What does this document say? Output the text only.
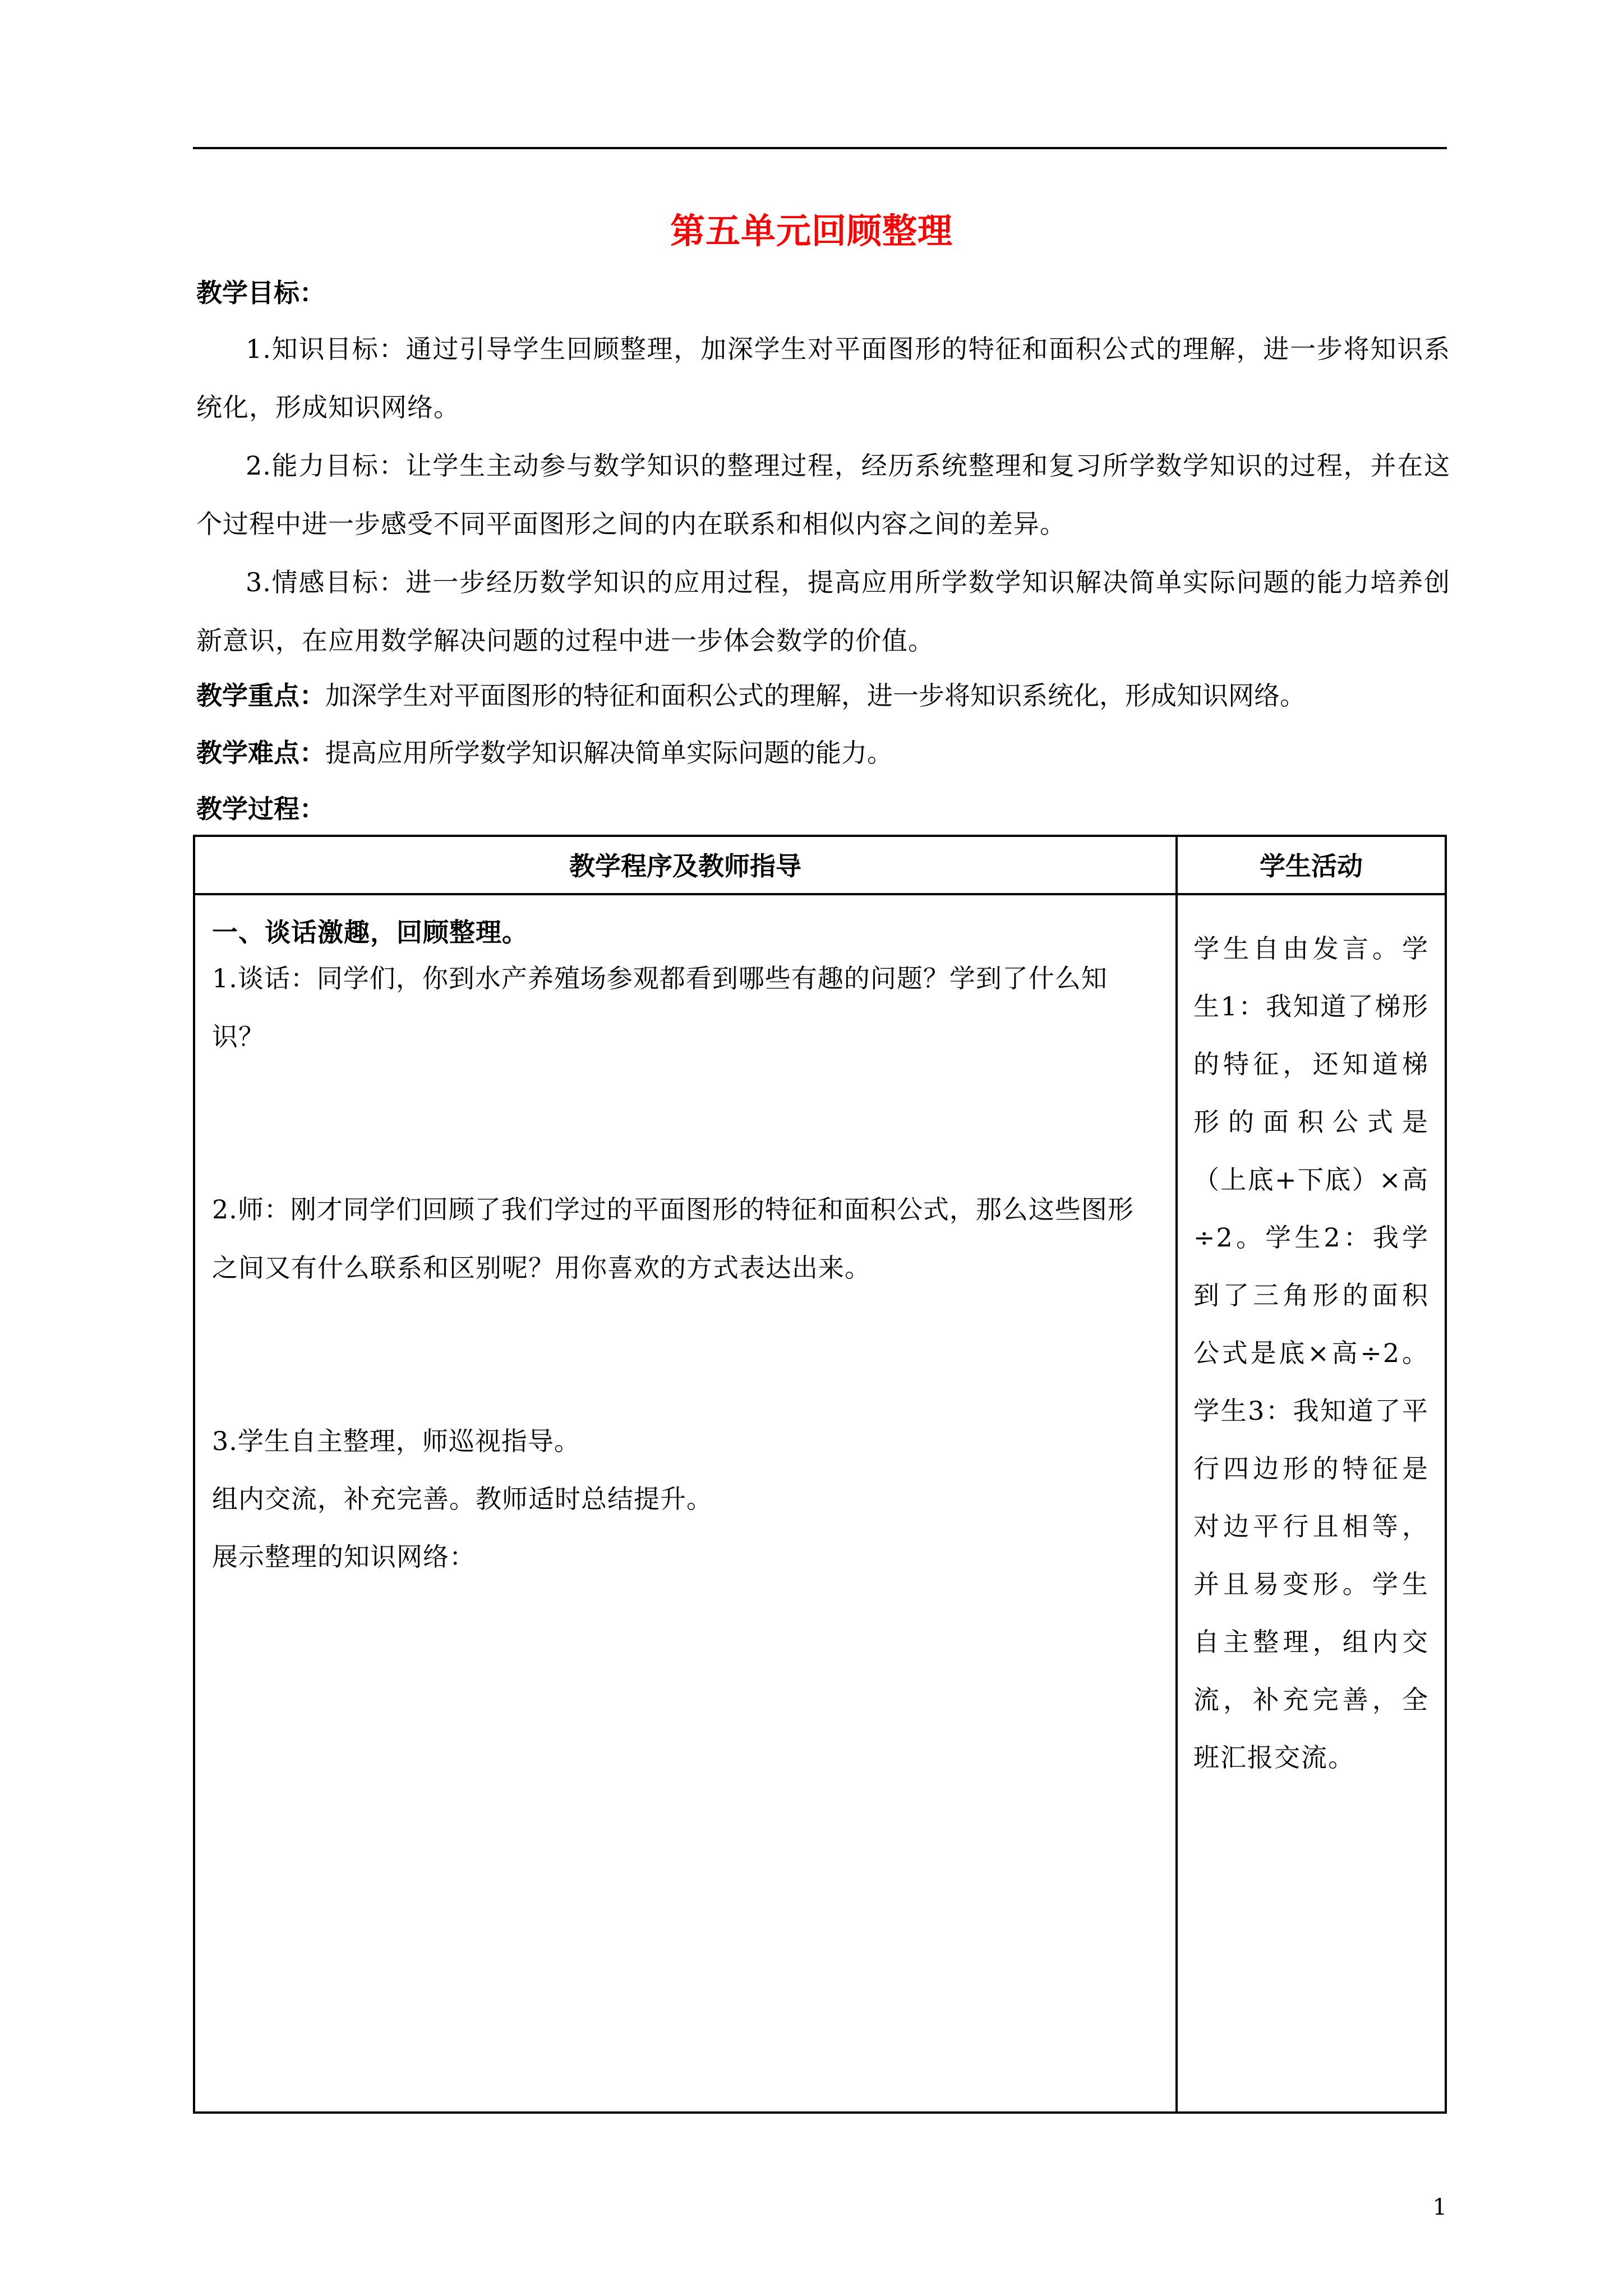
第五单元回顾整理
教学目标：
1.知识目标：通过引导学生回顾整理，加深学生对平面图形的特征和面积公式的理解，进一步将知识系统化，形成知识网络。
2.能力目标：让学生主动参与数学知识的整理过程，经历系统整理和复习所学数学知识的过程，并在这个过程中进一步感受不同平面图形之间的内在联系和相似内容之间的差异。
3.情感目标：进一步经历数学知识的应用过程，提高应用所学数学知识解决简单实际问题的能力培养创新意识，在应用数学解决问题的过程中进一步体会数学的价值。
教学重点：加深学生对平面图形的特征和面积公式的理解，进一步将知识系统化，形成知识网络。
教学难点：提高应用所学数学知识解决简单实际问题的能力。
教学过程：
教学程序及教师指导	学生活动
一、谈话激趣，回顾整理。
1.谈话：同学们，你到水产养殖场参观都看到哪些有趣的问题？学到了什么知识？
2.师：刚才同学们回顾了我们学过的平面图形的特征和面积公式，那么这些图形之间又有什么联系和区别呢？用你喜欢的方式表达出来。
3.学生自主整理，师巡视指导。
组内交流，补充完善。教师适时总结提升。
展示整理的知识网络：
学生自由发言。学生1：我知道了梯形的特征，还知道梯形的面积公式是（上底+下底）×高÷2。学生2：我学到了三角形的面积公式是底×高÷2。学生3：我知道了平行四边形的特征是对边平行且相等，并且易变形。学生自主整理，组内交流，补充完善，全班汇报交流。
1
